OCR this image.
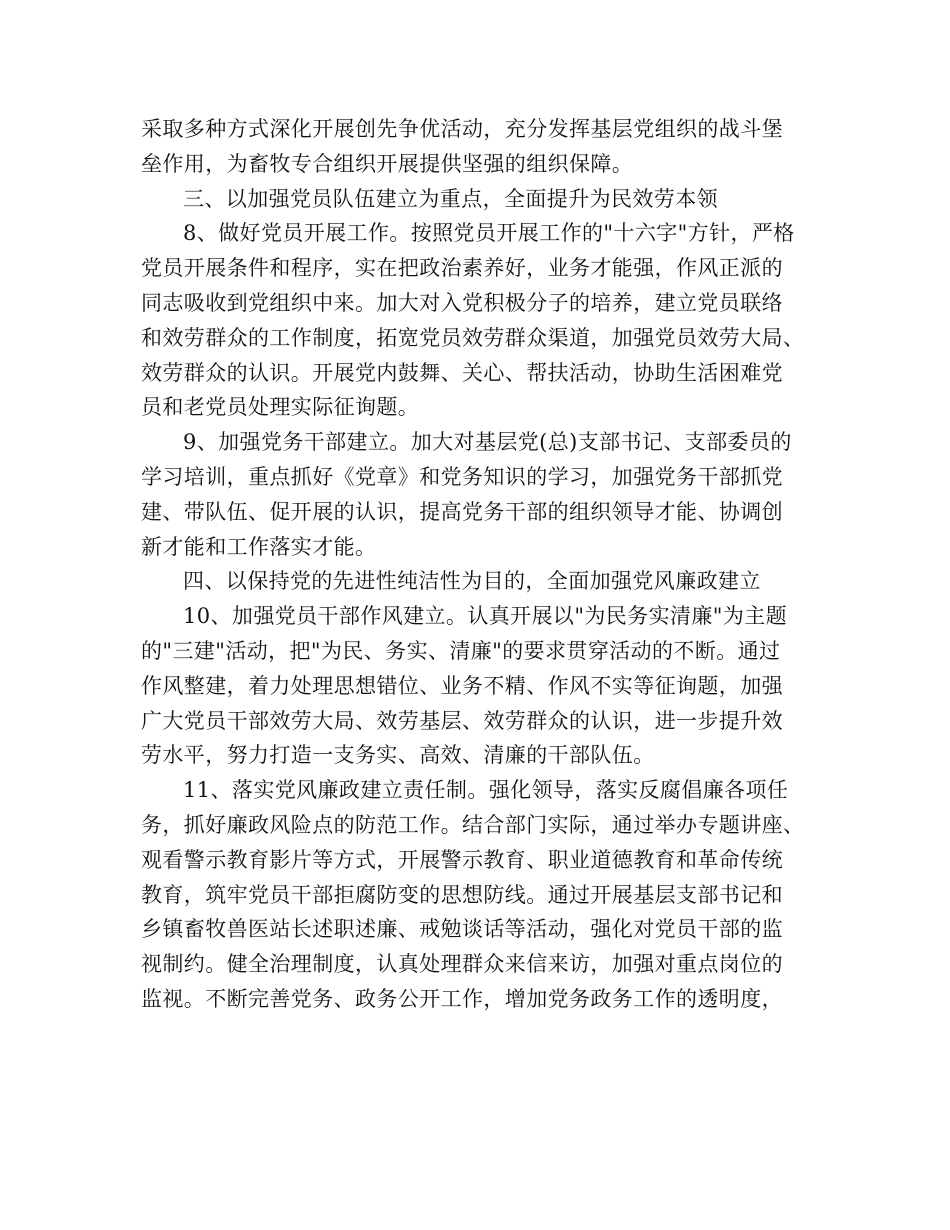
采取多种方式深化开展创先争优活动，充分发挥基层党组织的战斗堡
垒作用，为畜牧专合组织开展提供坚强的组织保障。
三、以加强党员队伍建立为重点，全面提升为民效劳本领
8、做好党员开展工作。按照党员开展工作的"十六字"方针，严格
党员开展条件和程序，实在把政治素养好，业务才能强，作风正派的
同志吸收到党组织中来。加大对入党积极分子的培养，建立党员联络
和效劳群众的工作制度，拓宽党员效劳群众渠道，加强党员效劳大局、
效劳群众的认识。开展党内鼓舞、关心、帮扶活动，协助生活困难党
员和老党员处理实际征询题。
9、加强党务干部建立。加大对基层党(总)支部书记、支部委员的
学习培训，重点抓好《党章》和党务知识的学习，加强党务干部抓党
建、带队伍、促开展的认识，提高党务干部的组织领导才能、协调创
新才能和工作落实才能。
四、以保持党的先进性纯洁性为目的，全面加强党风廉政建立
10、加强党员干部作风建立。认真开展以"为民务实清廉"为主题
的"三建"活动，把"为民、务实、清廉"的要求贯穿活动的不断。通过
作风整建，着力处理思想错位、业务不精、作风不实等征询题，加强
广大党员干部效劳大局、效劳基层、效劳群众的认识，进一步提升效
劳水平，努力打造一支务实、高效、清廉的干部队伍。
11、落实党风廉政建立责任制。强化领导，落实反腐倡廉各项任
务，抓好廉政风险点的防范工作。结合部门实际，通过举办专题讲座、
观看警示教育影片等方式，开展警示教育、职业道德教育和革命传统
教育，筑牢党员干部拒腐防变的思想防线。通过开展基层支部书记和
乡镇畜牧兽医站长述职述廉、戒勉谈话等活动，强化对党员干部的监
视制约。健全治理制度，认真处理群众来信来访，加强对重点岗位的
监视。不断完善党务、政务公开工作，增加党务政务工作的透明度，
